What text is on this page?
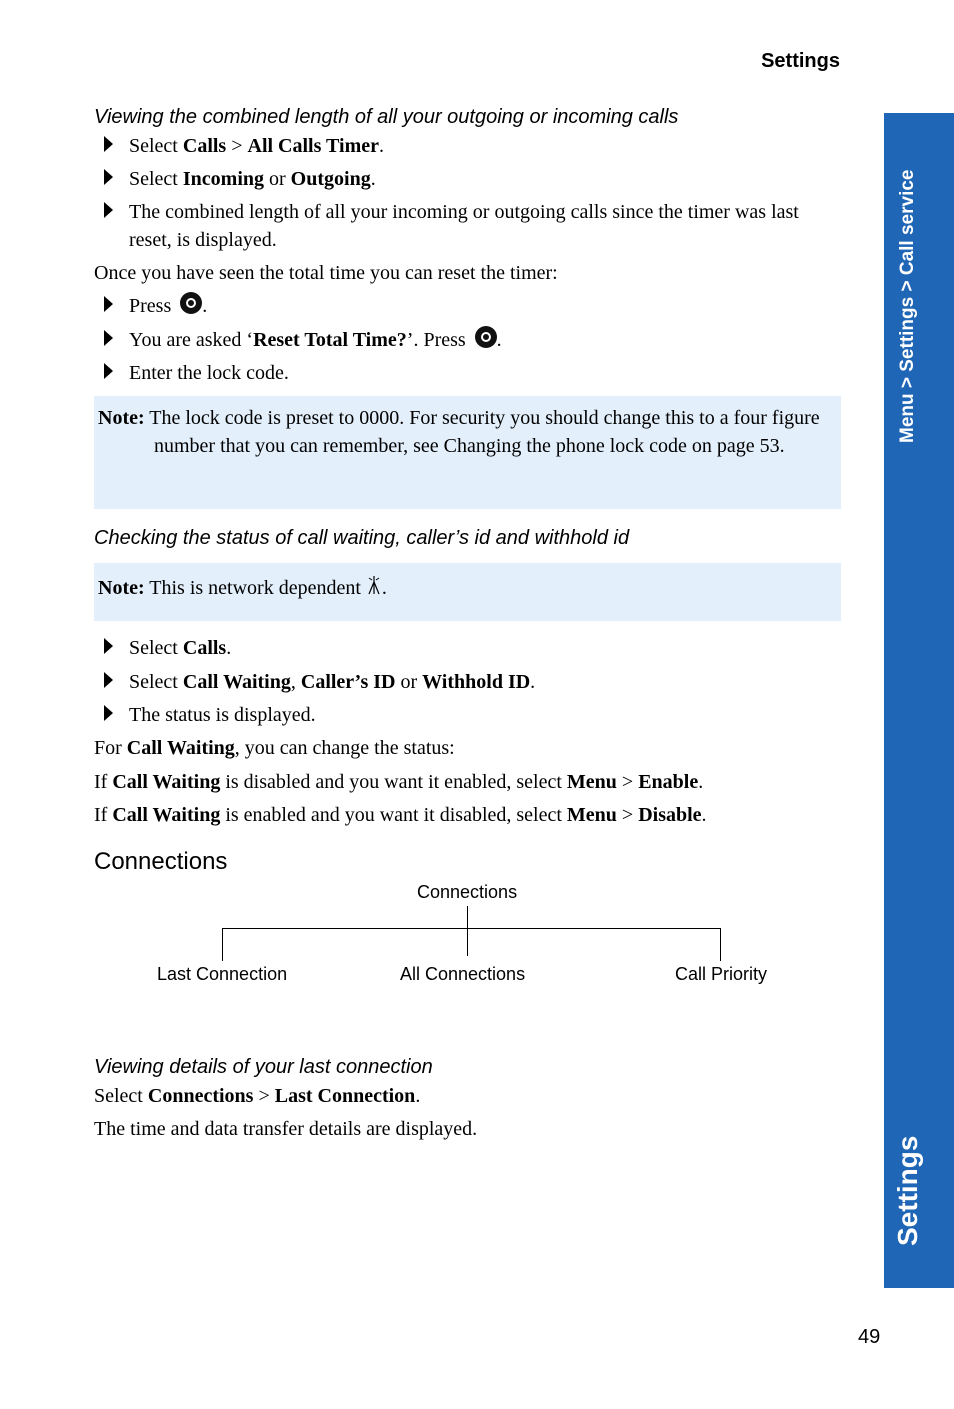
Settings
Menu > Settings > Call service
Settings
Viewing the combined length of all your outgoing or incoming calls
Select Calls > All Calls Timer.
Select Incoming or Outgoing.
The combined length of all your incoming or outgoing calls since the timer was last reset, is displayed.
Once you have seen the total time you can reset the timer:
Press .
You are asked ‘Reset Total Time?’. Press .
Enter the lock code.
Note: The lock code is preset to 0000. For security you should change this to a four figure number that you can remember, see Changing the phone lock code on page 53.
Checking the status of call waiting, caller’s id and withhold id
Note: This is network dependent .
Select Calls.
Select Call Waiting, Caller’s ID or Withhold ID.
The status is displayed.
For Call Waiting, you can change the status:
If Call Waiting is disabled and you want it enabled, select Menu > Enable.
If Call Waiting is enabled and you want it disabled, select Menu > Disable.
Connections
Connections
Last Connection	All Connections	Call Priority
Viewing details of your last connection
Select Connections > Last Connection.
The time and data transfer details are displayed.
49
